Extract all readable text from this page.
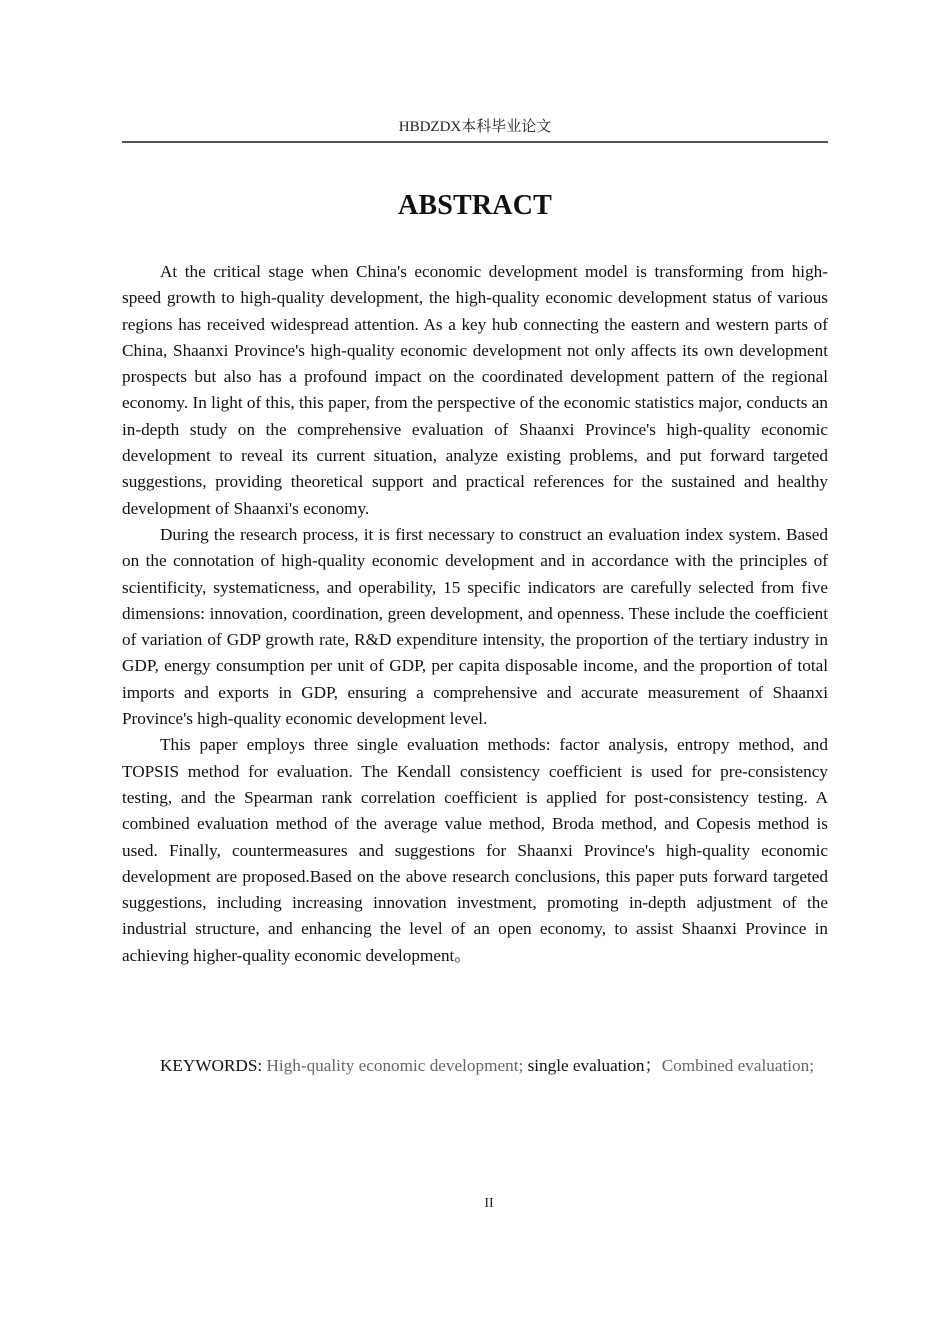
HBDZDX本科毕业论文
ABSTRACT

At the critical stage when China's economic development model is transforming from high-speed growth to high-quality development, the high-quality economic development status of various regions has received widespread attention. As a key hub connecting the eastern and western parts of China, Shaanxi Province's high-quality economic development not only affects its own development prospects but also has a profound impact on the coordinated development pattern of the regional economy. In light of this, this paper, from the perspective of the economic statistics major, conducts an in-depth study on the comprehensive evaluation of Shaanxi Province's high-quality economic development to reveal its current situation, analyze existing problems, and put forward targeted suggestions, providing theoretical support and practical references for the sustained and healthy development of Shaanxi's economy.

During the research process, it is first necessary to construct an evaluation index system. Based on the connotation of high-quality economic development and in accordance with the principles of scientificity, systematicness, and operability, 15 specific indicators are carefully selected from five dimensions: innovation, coordination, green development, and openness. These include the coefficient of variation of GDP growth rate, R&D expenditure intensity, the proportion of the tertiary industry in GDP, energy consumption per unit of GDP, per capita disposable income, and the proportion of total imports and exports in GDP, ensuring a comprehensive and accurate measurement of Shaanxi Province's high-quality economic development level.

This paper employs three single evaluation methods: factor analysis, entropy method, and TOPSIS method for evaluation. The Kendall consistency coefficient is used for pre-consistency testing, and the Spearman rank correlation coefficient is applied for post-consistency testing. A combined evaluation method of the average value method, Broda method, and Copesis method is used. Finally, countermeasures and suggestions for Shaanxi Province's high-quality economic development are proposed.Based on the above research conclusions, this paper puts forward targeted suggestions, including increasing innovation investment, promoting in-depth adjustment of the industrial structure, and enhancing the level of an open economy, to assist Shaanxi Province in achieving higher-quality economic development。

KEYWORDS: High-quality economic development; single evaluation；Combined evaluation;
II
